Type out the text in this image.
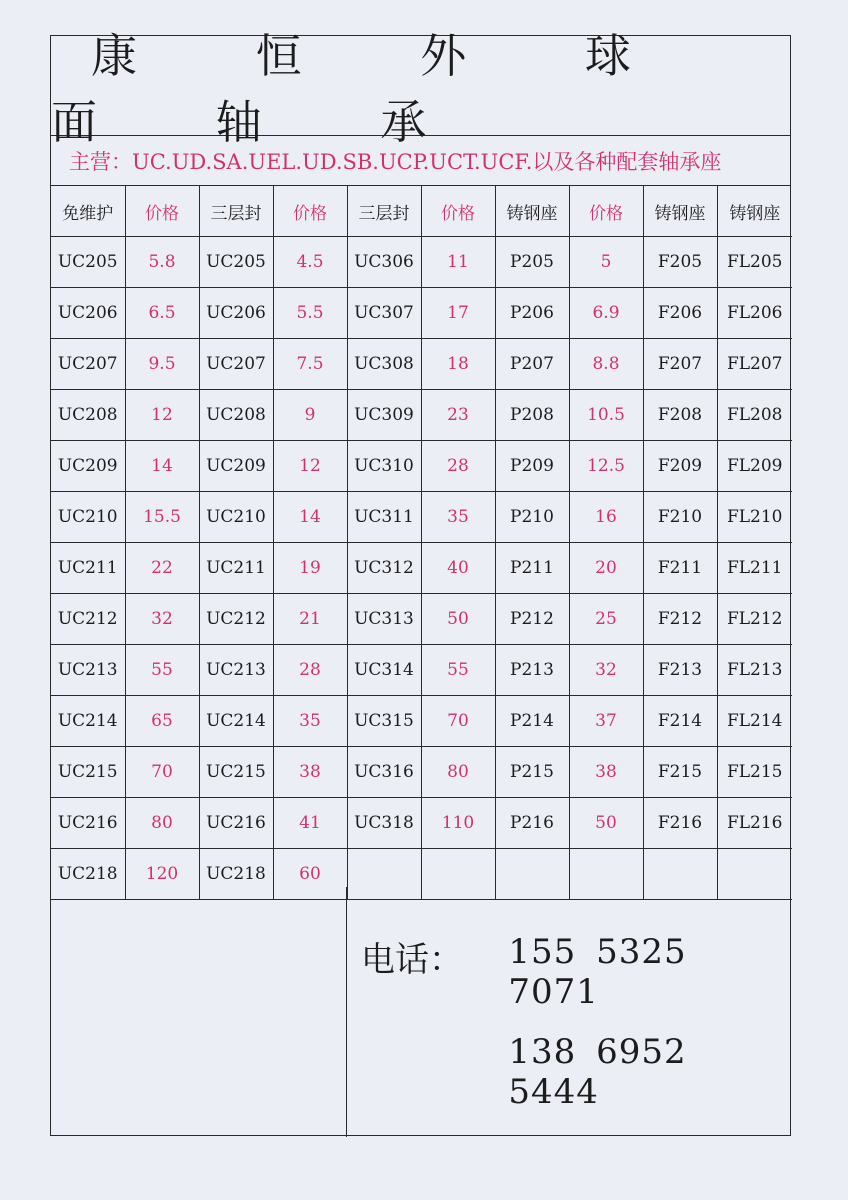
康 恒 外 球 面 轴 承
主营：UC.UD.SA.UEL.UD.SB.UCP.UCT.UCF.以及各种配套轴承座
免维护	价格	三层封	价格	三层封	价格	铸钢座	价格	铸钢座	铸钢座
UC205	5.8	UC205	4.5	UC306	11	P205	5	F205	FL205
UC206	6.5	UC206	5.5	UC307	17	P206	6.9	F206	FL206
UC207	9.5	UC207	7.5	UC308	18	P207	8.8	F207	FL207
UC208	12	UC208	9	UC309	23	P208	10.5	F208	FL208
UC209	14	UC209	12	UC310	28	P209	12.5	F209	FL209
UC210	15.5	UC210	14	UC311	35	P210	16	F210	FL210
UC211	22	UC211	19	UC312	40	P211	20	F211	FL211
UC212	32	UC212	21	UC313	50	P212	25	F212	FL212
UC213	55	UC213	28	UC314	55	P213	32	F213	FL213
UC214	65	UC214	35	UC315	70	P214	37	F214	FL214
UC215	70	UC215	38	UC316	80	P215	38	F215	FL215
UC216	80	UC216	41	UC318	110	P216	50	F216	FL216
UC218	120	UC218	60						
电话：	155 5325 7071
138 6952 5444
